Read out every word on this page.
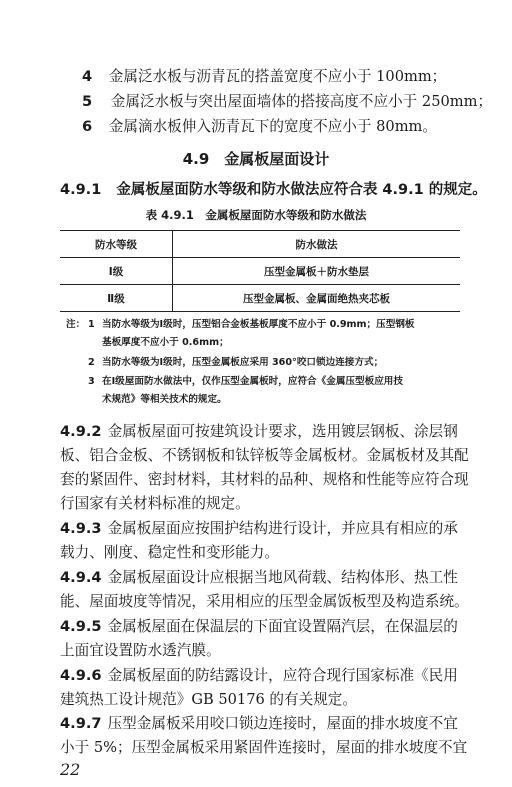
4 金属泛水板与沥青瓦的搭盖宽度不应小于 100mm；
5 金属泛水板与突出屋面墙体的搭接高度不应小于 250mm；
6 金属滴水板伸入沥青瓦下的宽度不应小于 80mm。
4.9　金属板屋面设计
4.9.1 金属板屋面防水等级和防水做法应符合表 4.9.1 的规定。
表 4.9.1　金属板屋面防水等级和防水做法
防水等级	防水做法
Ⅰ级	压型金属板＋防水垫层
Ⅱ级	压型金属板、金属面绝热夹芯板
注： 1 当防水等级为Ⅰ级时，压型铝合金板基板厚度不应小于 0.9mm；压型钢板
基板厚度不应小于 0.6mm；
2 当防水等级为Ⅰ级时，压型金属板应采用 360°咬口锁边连接方式；
3 在Ⅰ级屋面防水做法中，仅作压型金属板时，应符合《金属压型板应用技
术规范》等相关技术的规定。
4.9.2 金属板屋面可按建筑设计要求，选用镀层钢板、涂层钢
板、铝合金板、不锈钢板和钛锌板等金属板材。金属板材及其配
套的紧固件、密封材料，其材料的品种、规格和性能等应符合现
行国家有关材料标准的规定。
4.9.3 金属板屋面应按围护结构进行设计，并应具有相应的承
载力、刚度、稳定性和变形能力。
4.9.4 金属板屋面设计应根据当地风荷载、结构体形、热工性
能、屋面坡度等情况，采用相应的压型金属饭板型及构造系统。
4.9.5 金属板屋面在保温层的下面宜设置隔汽层，在保温层的
上面宜设置防水透汽膜。
4.9.6 金属板屋面的防结露设计，应符合现行国家标准《民用
建筑热工设计规范》GB 50176 的有关规定。
4.9.7 压型金属板采用咬口锁边连接时，屋面的排水坡度不宜
小于 5%；压型金属板采用紧固件连接时，屋面的排水坡度不宜
22
